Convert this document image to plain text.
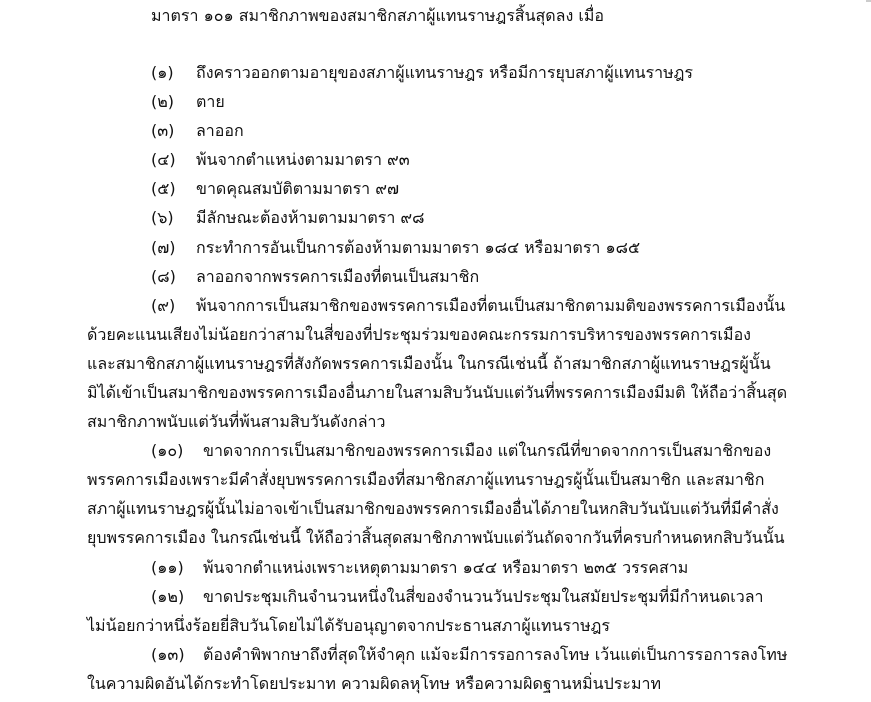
มาตรา ๑๐๑ สมาชิกภาพของสมาชิกสภาผู้แทนราษฎรสิ้นสุดลง เมื่อ
(๑) ถึงคราวออกตามอายุของสภาผู้แทนราษฎร หรือมีการยุบสภาผู้แทนราษฎร
(๒) ตาย
(๓) ลาออก
(๔) พ้นจากตำแหน่งตามมาตรา ๙๓
(๕) ขาดคุณสมบัติตามมาตรา ๙๗
(๖) มีลักษณะต้องห้ามตามมาตรา ๙๘
(๗) กระทำการอันเป็นการต้องห้ามตามมาตรา ๑๘๔ หรือมาตรา ๑๘๕
(๘) ลาออกจากพรรคการเมืองที่ตนเป็นสมาชิก
(๙) พ้นจากการเป็นสมาชิกของพรรคการเมืองที่ตนเป็นสมาชิกตามมติของพรรคการเมืองนั้น
ด้วยคะแนนเสียงไม่น้อยกว่าสามในสี่ของที่ประชุมร่วมของคณะกรรมการบริหารของพรรคการเมือง
และสมาชิกสภาผู้แทนราษฎรที่สังกัดพรรคการเมืองนั้น ในกรณีเช่นนี้ ถ้าสมาชิกสภาผู้แทนราษฎรผู้นั้น
มิได้เข้าเป็นสมาชิกของพรรคการเมืองอื่นภายในสามสิบวันนับแต่วันที่พรรคการเมืองมีมติ ให้ถือว่าสิ้นสุด
สมาชิกภาพนับแต่วันที่พ้นสามสิบวันดังกล่าว
(๑๐) ขาดจากการเป็นสมาชิกของพรรคการเมือง แต่ในกรณีที่ขาดจากการเป็นสมาชิกของ
พรรคการเมืองเพราะมีคำสั่งยุบพรรคการเมืองที่สมาชิกสภาผู้แทนราษฎรผู้นั้นเป็นสมาชิก และสมาชิก
สภาผู้แทนราษฎรผู้นั้นไม่อาจเข้าเป็นสมาชิกของพรรคการเมืองอื่นได้ภายในหกสิบวันนับแต่วันที่มีคำสั่ง
ยุบพรรคการเมือง ในกรณีเช่นนี้ ให้ถือว่าสิ้นสุดสมาชิกภาพนับแต่วันถัดจากวันที่ครบกำหนดหกสิบวันนั้น
(๑๑) พ้นจากตำแหน่งเพราะเหตุตามมาตรา ๑๔๔ หรือมาตรา ๒๓๕ วรรคสาม
(๑๒) ขาดประชุมเกินจำนวนหนึ่งในสี่ของจำนวนวันประชุมในสมัยประชุมที่มีกำหนดเวลา
ไม่น้อยกว่าหนึ่งร้อยยี่สิบวันโดยไม่ได้รับอนุญาตจากประธานสภาผู้แทนราษฎร
(๑๓) ต้องคำพิพากษาถึงที่สุดให้จำคุก แม้จะมีการรอการลงโทษ เว้นแต่เป็นการรอการลงโทษ
ในความผิดอันได้กระทำโดยประมาท ความผิดลหุโทษ หรือความผิดฐานหมิ่นประมาท
